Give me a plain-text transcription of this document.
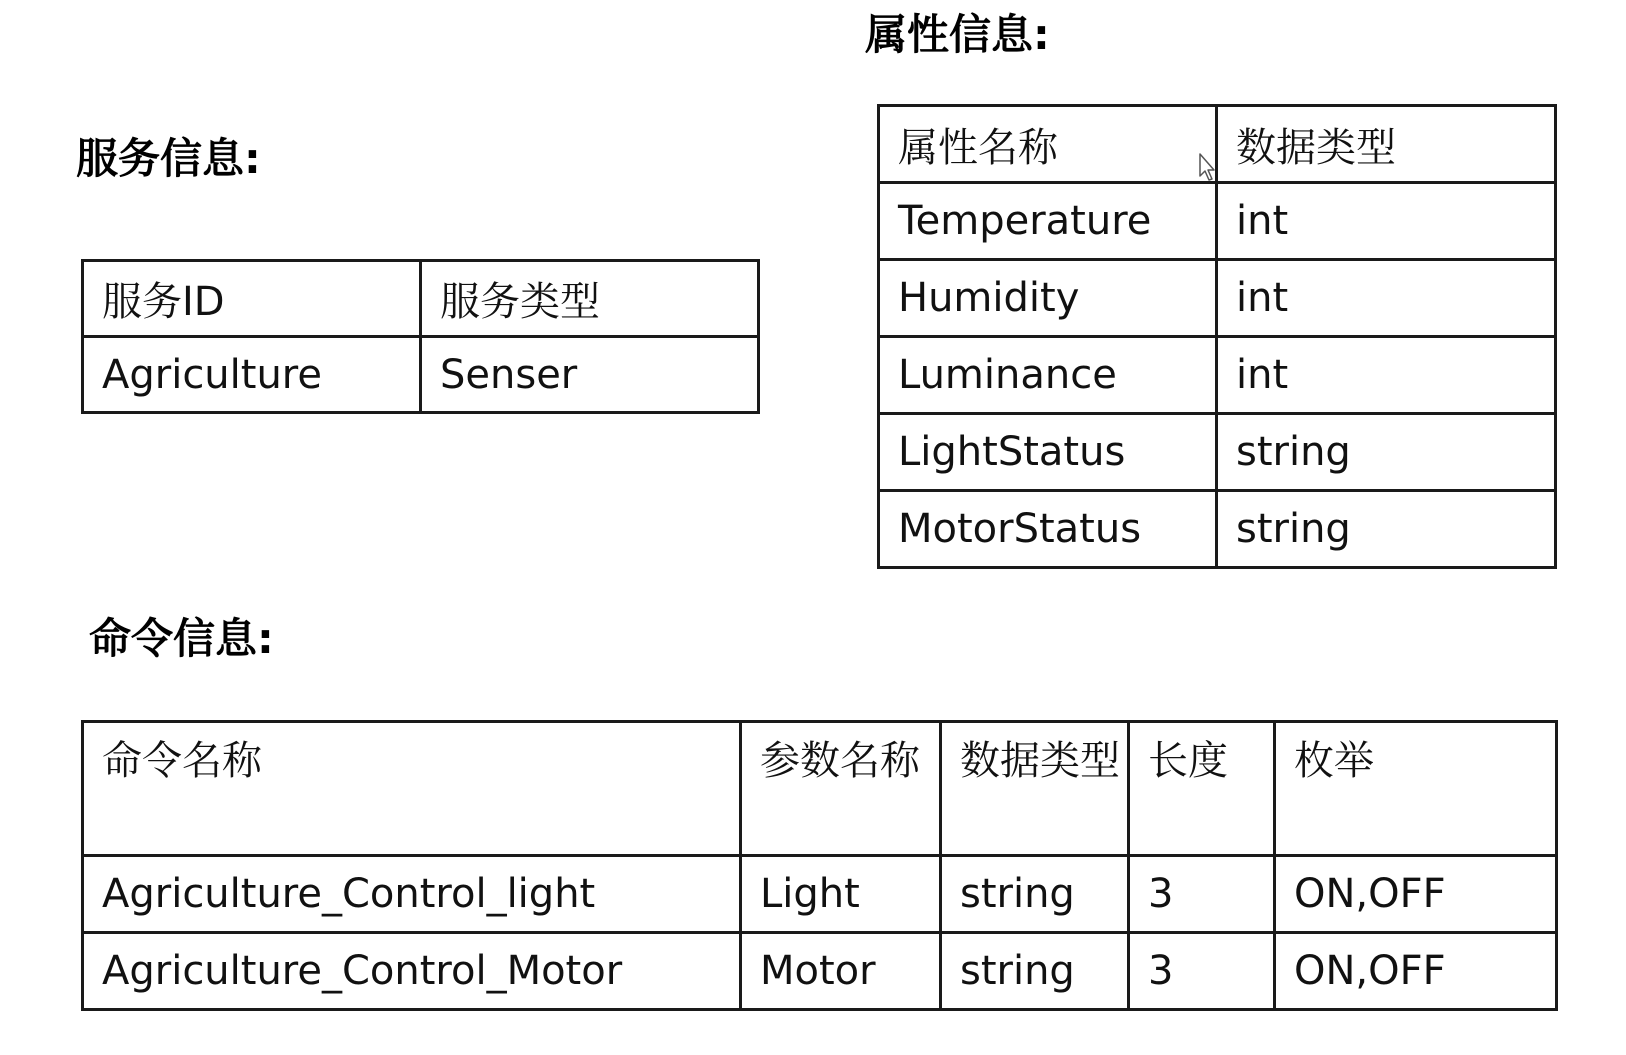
服务信息:
服务ID	服务类型
Agriculture	Senser
属性信息:
属性名称	数据类型
Temperature	int
Humidity	int
Luminance	int
LightStatus	string
MotorStatus	string
命令信息:
命令名称	参数名称	数据类型	长度	枚举
Agriculture_Control_light	Light	string	3	ON,OFF
Agriculture_Control_Motor	Motor	string	3	ON,OFF
